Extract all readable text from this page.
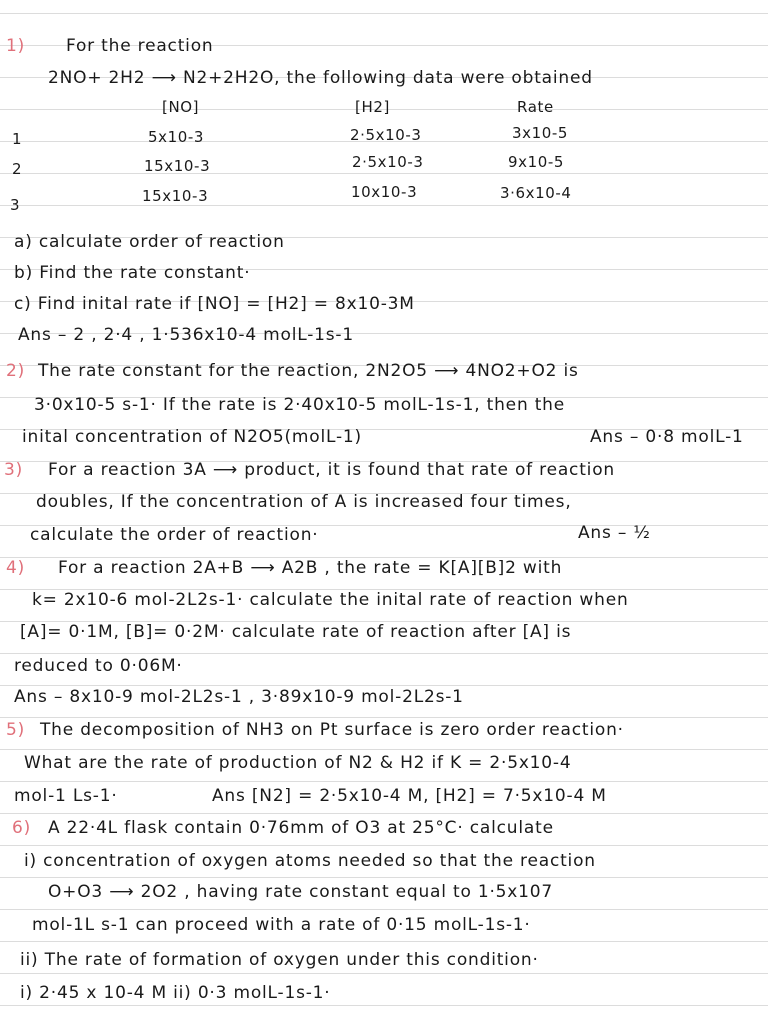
1) For the reaction
2NO+ 2H2 ⟶ N2+2H2O, the following data were obtained
[NO]	[H2]	Rate
1	5x10-3	2·5x10-3	3x10-5
2	15x10-3	2·5x10-3	9x10-5
3	15x10-3	10x10-3	3·6x10-4
a) calculate order of reaction
b) Find the rate constant·
c) Find inital rate if [NO] = [H2] = 8x10-3M
Ans – 2 , 2·4 , 1·536x10-4 molL-1s-1
2) The rate constant for the reaction, 2N2O5 ⟶ 4NO2+O2 is
3·0x10-5 s-1· If the rate is 2·40x10-5 molL-1s-1, then the
inital concentration of N2O5(molL-1)	Ans – 0·8 molL-1
3) For a reaction 3A ⟶ product, it is found that rate of reaction
doubles, If the concentration of A is increased four times,
calculate the order of reaction·	Ans – ½
4) For a reaction 2A+B ⟶ A2B , the rate = K[A][B]2 with
k= 2x10-6 mol-2L2s-1· calculate the inital rate of reaction when
[A]= 0·1M, [B]= 0·2M· calculate rate of reaction after [A] is
reduced to 0·06M·
Ans – 8x10-9 mol-2L2s-1 , 3·89x10-9 mol-2L2s-1
5) The decomposition of NH3 on Pt surface is zero order reaction·
What are the rate of production of N2 & H2 if K = 2·5x10-4
mol-1 Ls-1·	Ans [N2] = 2·5x10-4 M, [H2] = 7·5x10-4 M
6) A 22·4L flask contain 0·76mm of O3 at 25°C· calculate
i) concentration of oxygen atoms needed so that the reaction
O+O3 ⟶ 2O2 , having rate constant equal to 1·5x107
mol-1L s-1 can proceed with a rate of 0·15 molL-1s-1·
ii) The rate of formation of oxygen under this condition·
i) 2·45 x 10-4 M ii) 0·3 molL-1s-1·
